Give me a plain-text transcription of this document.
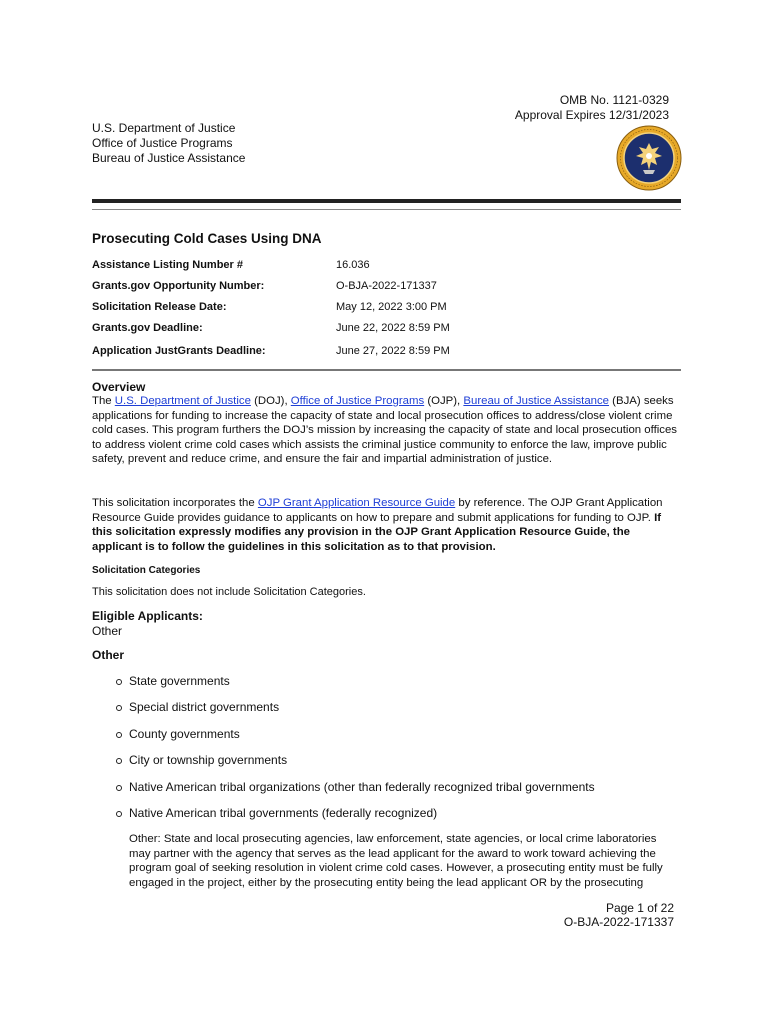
OMB No. 1121-0329
Approval Expires 12/31/2023
U.S. Department of Justice
Office of Justice Programs
Bureau of Justice Assistance
Prosecuting Cold Cases Using DNA
Assistance Listing Number #	16.036
Grants.gov Opportunity Number:	O-BJA-2022-171337
Solicitation Release Date:	May 12, 2022 3:00 PM
Grants.gov Deadline:	June 22, 2022 8:59 PM
Application JustGrants Deadline:	June 27, 2022 8:59 PM
Overview
The U.S. Department of Justice (DOJ), Office of Justice Programs (OJP), Bureau of Justice Assistance (BJA) seeks applications for funding to increase the capacity of state and local prosecution offices to address/close violent crime cold cases. This program furthers the DOJ’s mission by increasing the capacity of state and local prosecution offices to address violent crime cold cases which assists the criminal justice community to enforce the law, improve public safety, prevent and reduce crime, and ensure the fair and impartial administration of justice.
This solicitation incorporates the OJP Grant Application Resource Guide by reference. The OJP Grant Application Resource Guide provides guidance to applicants on how to prepare and submit applications for funding to OJP. If this solicitation expressly modifies any provision in the OJP Grant Application Resource Guide, the applicant is to follow the guidelines in this solicitation as to that provision.
Solicitation Categories
This solicitation does not include Solicitation Categories.
Eligible Applicants:
Other
Other
State governments
Special district governments
County governments
City or township governments
Native American tribal organizations (other than federally recognized tribal governments
Native American tribal governments (federally recognized)
Other: State and local prosecuting agencies, law enforcement, state agencies, or local crime laboratories may partner with the agency that serves as the lead applicant for the award to work toward achieving the program goal of seeking resolution in violent crime cold cases. However, a prosecuting entity must be fully engaged in the project, either by the prosecuting entity being the lead applicant OR by the prosecuting
Page 1 of 22
O-BJA-2022-171337
